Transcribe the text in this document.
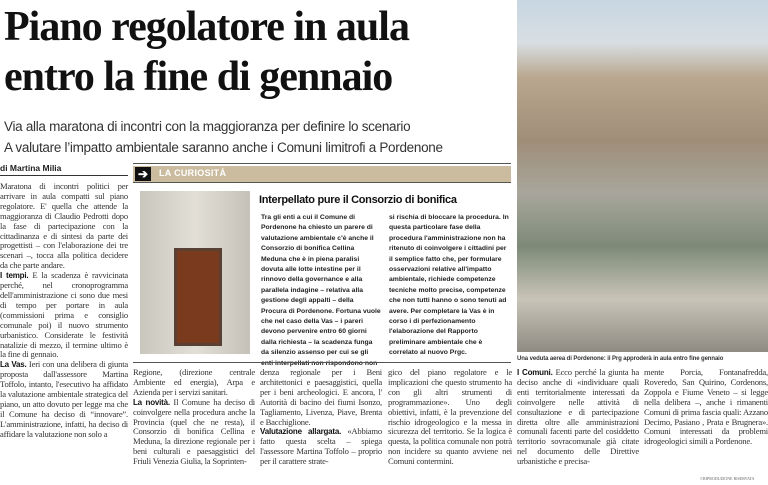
Piano regolatore in aula
entro la fine di gennaio
Via alla maratona di incontri con la maggioranza per definire lo scenario
A valutare l’impatto ambientale saranno anche i Comuni limitrofi a Pordenone
Una veduta aerea di Pordenone: il Prg approderà in aula entro fine gennaio
di Martina Milia
Maratona di incontri politici per arrivare in aula compatti sul piano regolatore. E' quella che attende la maggioranza di Claudio Pedrotti dopo la fase di partecipazione con la cittadinanza e di sintesi da parte dei progettisti – con l'elaborazione dei tre scenari –, tocca alla politica decidere da che parte andare.
I tempi. E la scadenza è ravvicinata perché, nel cronoprogramma dell'amministrazione ci sono due mesi di tempo per portare in aula (commissioni prima e consiglio comunale poi) il nuovo strumento urbanistico. Considerate le festività natalizie di mezzo, il termine ultimo è la fine di gennaio.
La Vas. Ieri con una delibera di giunta proposta dall'assessore Martina Toffolo, intanto, l'esecutivo ha affidato la valutazione ambientale strategica del piano, un atto dovuto per legge ma che il Comune ha deciso di “innovare”. L'amministrazione, infatti, ha deciso di affidare la valutazione non solo a
➔	LA CURIOSITÀ
Interpellato pure il Consorzio di bonifica
Tra gli enti a cui il Comune di Pordenone ha chiesto un parere di valutazione ambientale c'è anche il Consorzio di bonifica Cellina Meduna che è in piena paralisi dovuta alle lotte intestine per il rinnovo della governance e alla parallela indagine – relativa alla gestione degli appalti – della Procura di Pordenone. Fortuna vuole che nel caso della Vas – i pareri devono pervenire entro 60 giorni dalla richiesta – la scadenza funga da silenzio assenso per cui se gli enti interpellati non rispondono non
si rischia di bloccare la procedura. In questa particolare fase della procedura l'amministrazione non ha ritenuto di coinvolgere i cittadini per il semplice fatto che, per formulare osservazioni relative all'impatto ambientale, richiede competenze tecniche molto precise, competenze che non tutti hanno o sono tenuti ad avere. Per completare la Vas è in corso i di perfezionamento l'elaborazione del Rapporto preliminare ambientale che è correlato al nuovo Prgc.
Regione, (direzione centrale Ambiente ed energia), Arpa e Azienda per i servizi sanitari.
La novità. Il Comune ha deciso di coinvolgere nella procedura anche la Provincia (quel che ne resta), il Consorzio di bonifica Cellina e Meduna, la direzione regionale per i beni culturali e paesaggistici del Friuli Venezia Giulia, la Soprinten-
denza regionale per i Beni architettonici e paesaggistici, quella per i beni archeologici. E ancora, l' Autorità di bacino dei fiumi Isonzo, Tagliamento, Livenza, Piave, Brenta e Bacchiglione.
Valutazione allargata. «Abbiamo fatto questa scelta – spiega l'assessore Martina Toffolo – proprio per il carattere strate-
gico del piano regolatore e le implicazioni che questo strumento ha con gli altri strumenti di programmazione». Uno degli obiettivi, infatti, è la prevenzione del rischio idrogeologico e la messa in sicurezza del territorio. Se la logica è questa, la politica comunale non potrà non incidere su quanto avviene nei Comuni contermini.
I Comuni. Ecco perché la giunta ha deciso anche di «individuare quali enti territorialmente interessati da coinvolgere nelle attività di consultazione e di partecipazione diretta oltre alle amministrazioni comunali facenti parte del cosiddetto territorio sovracomunale già citate nel documento delle Direttive urbanistiche e precisa-
mente Porcia, Fontanafredda, Roveredo, San Quirino, Cordenons, Zoppola e Fiume Veneto – si legge nella delibera –, anche i rimanenti Comuni di prima fascia quali: Azzano Decimo, Pasiano , Prata e Brugnera». Comuni interessati da problemi idrogeologici simili a Pordenone.
©RIPRODUZIONE RISERVATA
